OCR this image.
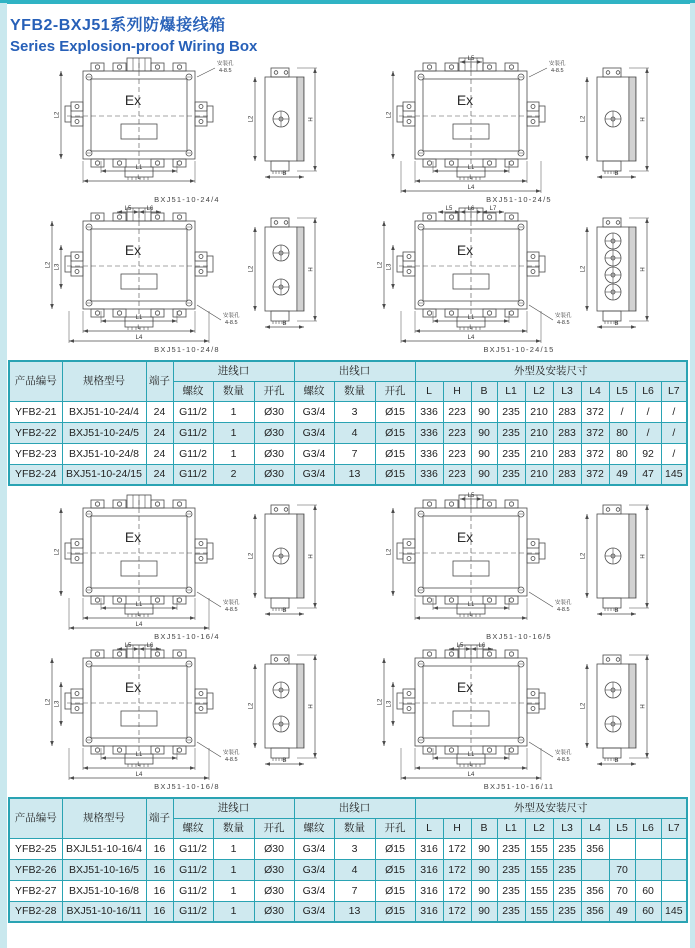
YFB2-BXJ51系列防爆接线箱
Series Explosion-proof Wiring Box
Ex
L2
L1
L
安装孔
4-8.5
L2	H
B
BXJ51-10-24/4
Ex
L2
L1
L
L4
L5
安装孔
4-8.5
L2	H
B
BXJ51-10-24/5
Ex
L2 L3
L1
L
L4
L5	L6
安装孔
4-8.5
L2	H
B
BXJ51-10-24/8
Ex
L2 L3
L1
L
L4
L5	L6	L7
安装孔
4-8.5
L2	H
B
BXJ51-10-24/15
产品编号	规格型号	端子	进线口			出线口			外型及安装尺寸									
			螺纹	数量	开孔	螺纹	数量	开孔	L	H	B	L1	L2	L3	L4	L5	L6	L7
YFB2-21	BXJ51-10-24/4	24	G11/2	1	Ø30	G3/4	3	Ø15	336	223	90	235	210	283	372	/	/	/
YFB2-22	BXJ51-10-24/5	24	G11/2	1	Ø30	G3/4	4	Ø15	336	223	90	235	210	283	372	80	/	/
YFB2-23	BXJ51-10-24/8	24	G11/2	1	Ø30	G3/4	7	Ø15	336	223	90	235	210	283	372	80	92	/
YFB2-24	BXJ51-10-24/15	24	G11/2	2	Ø30	G3/4	13	Ø15	336	223	90	235	210	283	372	49	47	145
Ex
L2
L1
L
L4
安装孔
4-8.5
L2	H
B
BXJ51-10-16/4
Ex
L2
L1
L
L5
安装孔
4-8.5
L2	H
B
BXJ51-10-16/5
Ex
L2 L3
L1
L
L4
L5	L6
安装孔
4-8.5
L2	H
B
BXJ51-10-16/8
Ex
L2 L3
L1
L
L4
L5	L6
安装孔
4-8.5
L2	H
B
BXJ51-10-16/11
产品编号	规格型号	端子	进线口			出线口			外型及安装尺寸									
			螺纹	数量	开孔	螺纹	数量	开孔	L	H	B	L1	L2	L3	L4	L5	L6	L7
YFB2-25	BXJL51-10-16/4	16	G11/2	1	Ø30	G3/4	3	Ø15	316	172	90	235	155	235	356			
YFB2-26	BXJ51-10-16/5	16	G11/2	1	Ø30	G3/4	4	Ø15	316	172	90	235	155	235		70		
YFB2-27	BXJ51-10-16/8	16	G11/2	1	Ø30	G3/4	7	Ø15	316	172	90	235	155	235	356	70	60	
YFB2-28	BXJ51-10-16/11	16	G11/2	1	Ø30	G3/4	13	Ø15	316	172	90	235	155	235	356	49	60	145
